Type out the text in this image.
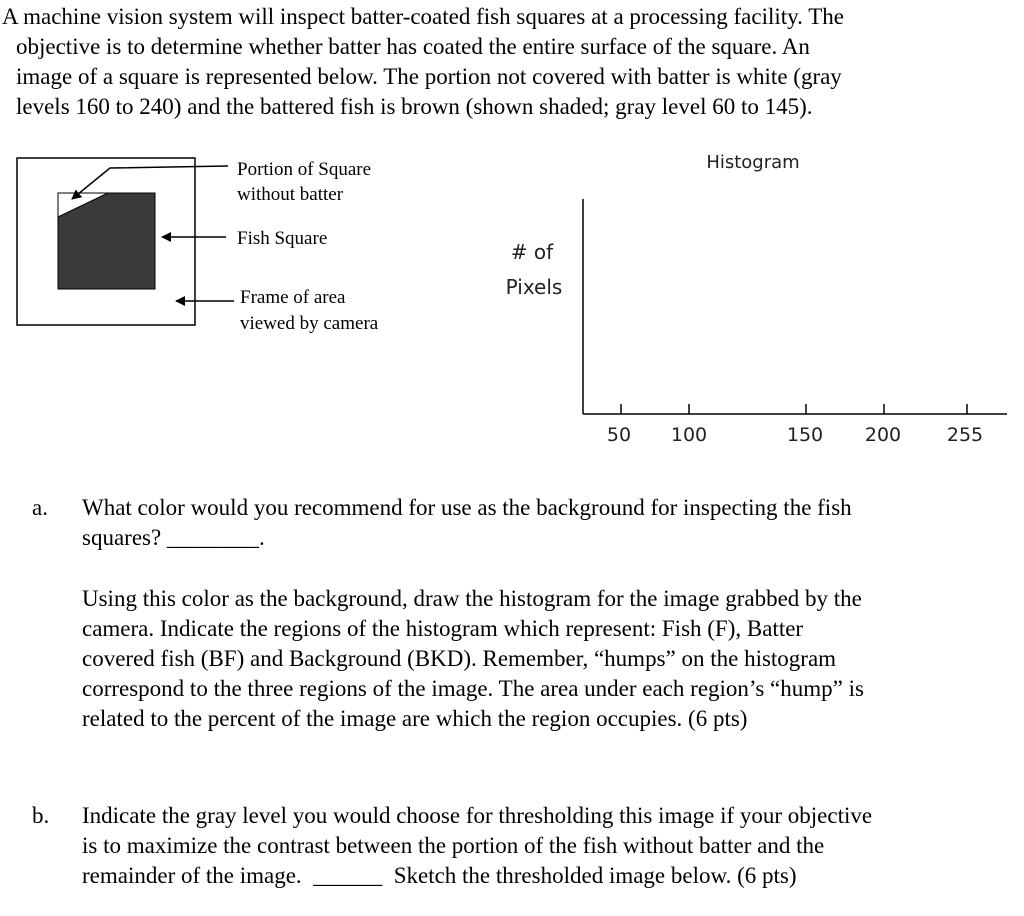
A machine vision system will inspect batter-coated fish squares at a processing facility. The
objective is to determine whether batter has coated the entire surface of the square. An
image of a square is represented below. The portion not covered with batter is white (gray
levels 160 to 240) and the battered fish is brown (shown shaded; gray level 60 to 145).
Portion of Square
without batter
Fish Square
Frame of area
viewed by camera
Histogram
# of
Pixels
50 100	150 200 255
a. What color would you recommend for use as the background for inspecting the fish
squares? ________.
Using this color as the background, draw the histogram for the image grabbed by the
camera. Indicate the regions of the histogram which represent: Fish (F), Batter
covered fish (BF) and Background (BKD). Remember, “humps” on the histogram
correspond to the three regions of the image. The area under each region’s “hump” is
related to the percent of the image are which the region occupies. (6 pts)
b. Indicate the gray level you would choose for thresholding this image if your objective
is to maximize the contrast between the portion of the fish without batter and the
remainder of the image.  ______  Sketch the thresholded image below. (6 pts)
